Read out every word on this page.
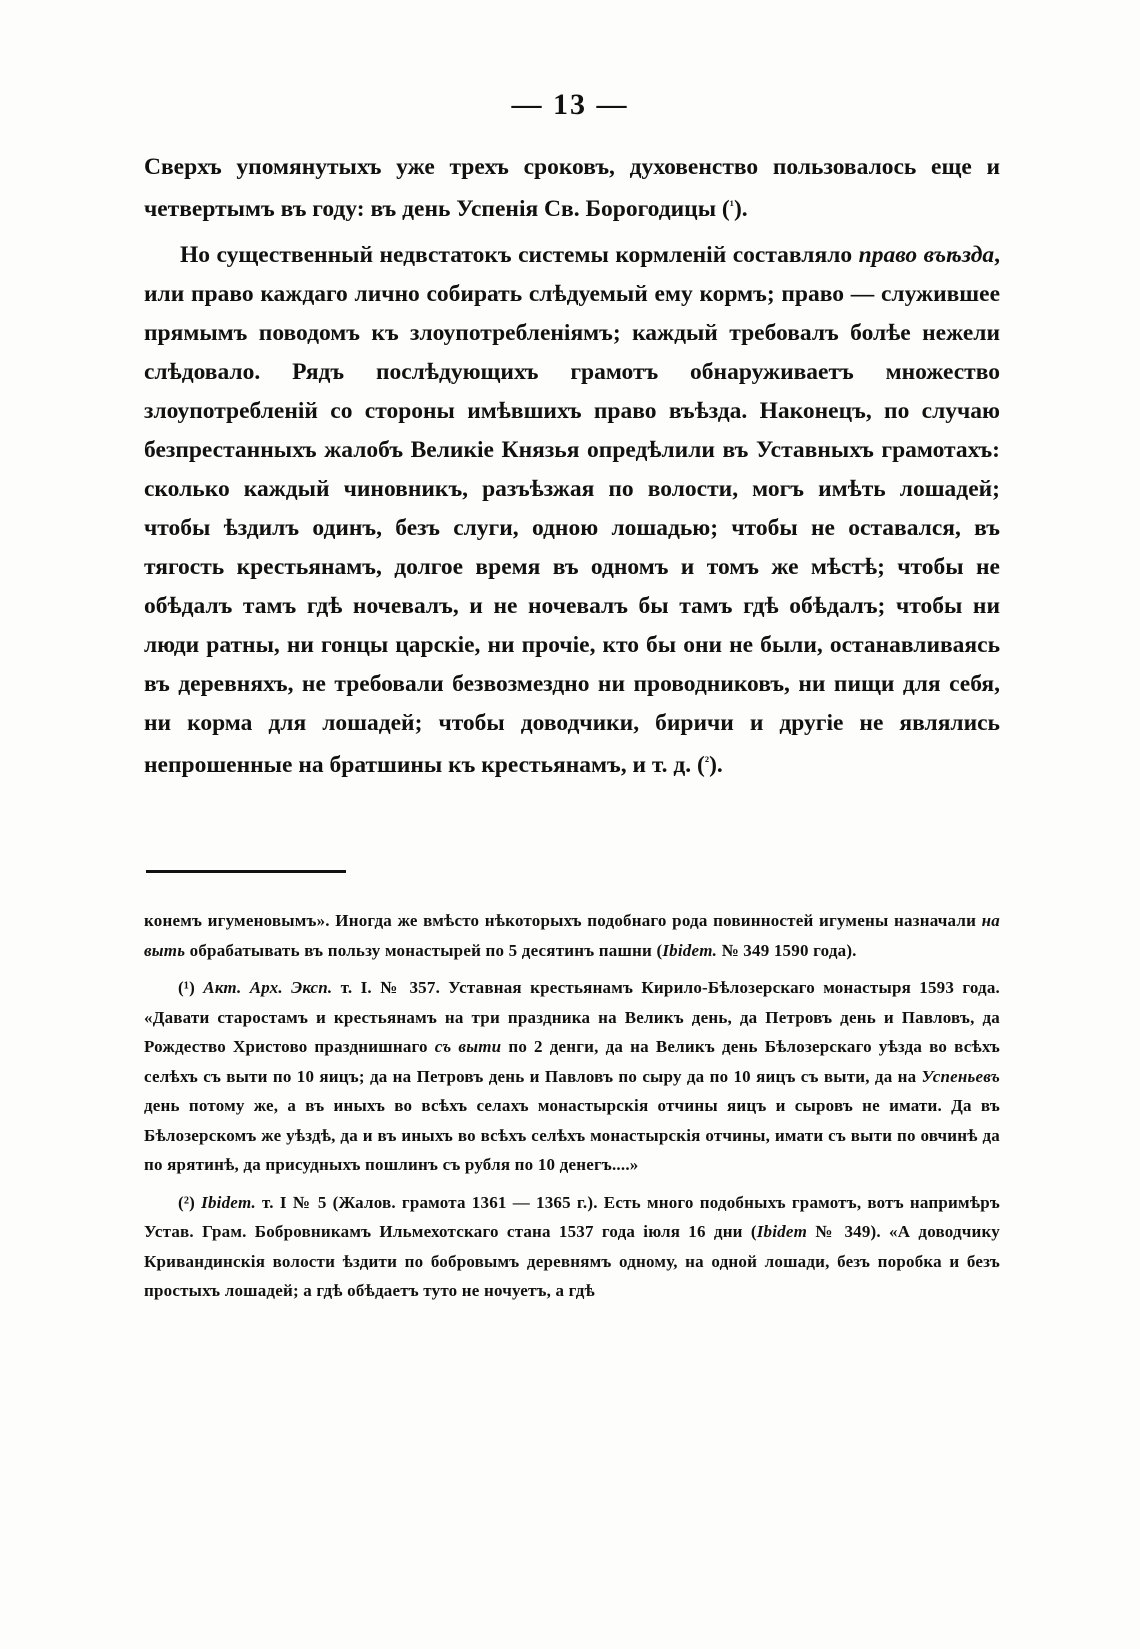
— 13 —

Сверхъ упомянутыхъ уже трехъ сроковъ, духовенство пользовалось еще и четвертымъ въ году: въ день Успенія Св. Борогодицы ($^{^1}$).

Но существенный недвстатокъ системы кормленій составляло право въѣзда, или право каждаго лично собирать слѣдуемый ему кормъ; право — служившее прямымъ поводомъ къ злоупотребленіямъ; каждый требовалъ болѣе нежели слѣдовало. Рядъ послѣдующихъ грамотъ обнаруживаетъ множество злоупотребленій со стороны имѣвшихъ право въѣзда. Наконецъ, по случаю безпрестанныхъ жалобъ Великіе Князья опредѣлили въ Уставныхъ грамотахъ: сколько каждый чиновникъ, разъѣзжая по волости, могъ имѣть лошадей; чтобы ѣздилъ одинъ, безъ слуги, одною лошадью; чтобы не оставался, въ тягость крестьянамъ, долгое время въ одномъ и томъ же мѣстѣ; чтобы не обѣдалъ тамъ гдѣ ночевалъ, и не ночевалъ бы тамъ гдѣ обѣдалъ; чтобы ни люди ратны, ни гонцы царскіе, ни прочіе, кто бы они не были, останавливаясь въ деревняхъ, не требовали безвозмездно ни проводниковъ, ни пищи для себя, ни корма для лошадей; чтобы доводчики, биричи и другіе не являлись непрошенные на братшины къ крестьянамъ, и т. д. ($^{^2}$).

конемъ игуменовымъ». Иногда же вмѣсто нѣкоторыхъ подобнаго рода повинностей игумены назначали на выть обрабатывать въ пользу монастырей по 5 десятинъ пашни (Ibidem. № 349 1590 года).

(¹) Акт. Арх. Эксп. т. I. № 357. Уставная крестьянамъ Кирило-Бѣлозерскаго монастыря 1593 года. «Давати старостамъ и крестьянамъ на три праздника на Великъ день, да Петровъ день и Павловъ, да Рождество Христово празднишнаго съ выти по 2 денги, да на Великъ день Бѣлозерскаго уѣзда во всѣхъ селѣхъ съ выти по 10 яицъ; да на Петровъ день и Павловъ по сыру да по 10 яицъ съ выти, да на Успеньевъ день потому же, а въ иныхъ во всѣхъ селахъ монастырскія отчины яицъ и сыровъ не имати. Да въ Бѣлозерскомъ же уѣздѣ, да и въ иныхъ во всѣхъ селѣхъ монастырскія отчины, имати съ выти по овчинѣ да по ярятинѣ, да присудныхъ пошлинъ съ рубля по 10 денегъ....»

(²) Ibidem. т. I № 5 (Жалов. грамота 1361 — 1365 г.). Есть много подобныхъ грамотъ, вотъ напримѣръ Устав. Грам. Бобровникамъ Ильмехотскаго стана 1537 года іюля 16 дни (Ibidem № 349). «А доводчику Кривандинскія волости ѣздити по бобровымъ деревнямъ одному, на одной лошади, безъ поробка и безъ простыхъ лошадей; а гдѣ обѣдаетъ туто не ночуетъ, а гдѣ
